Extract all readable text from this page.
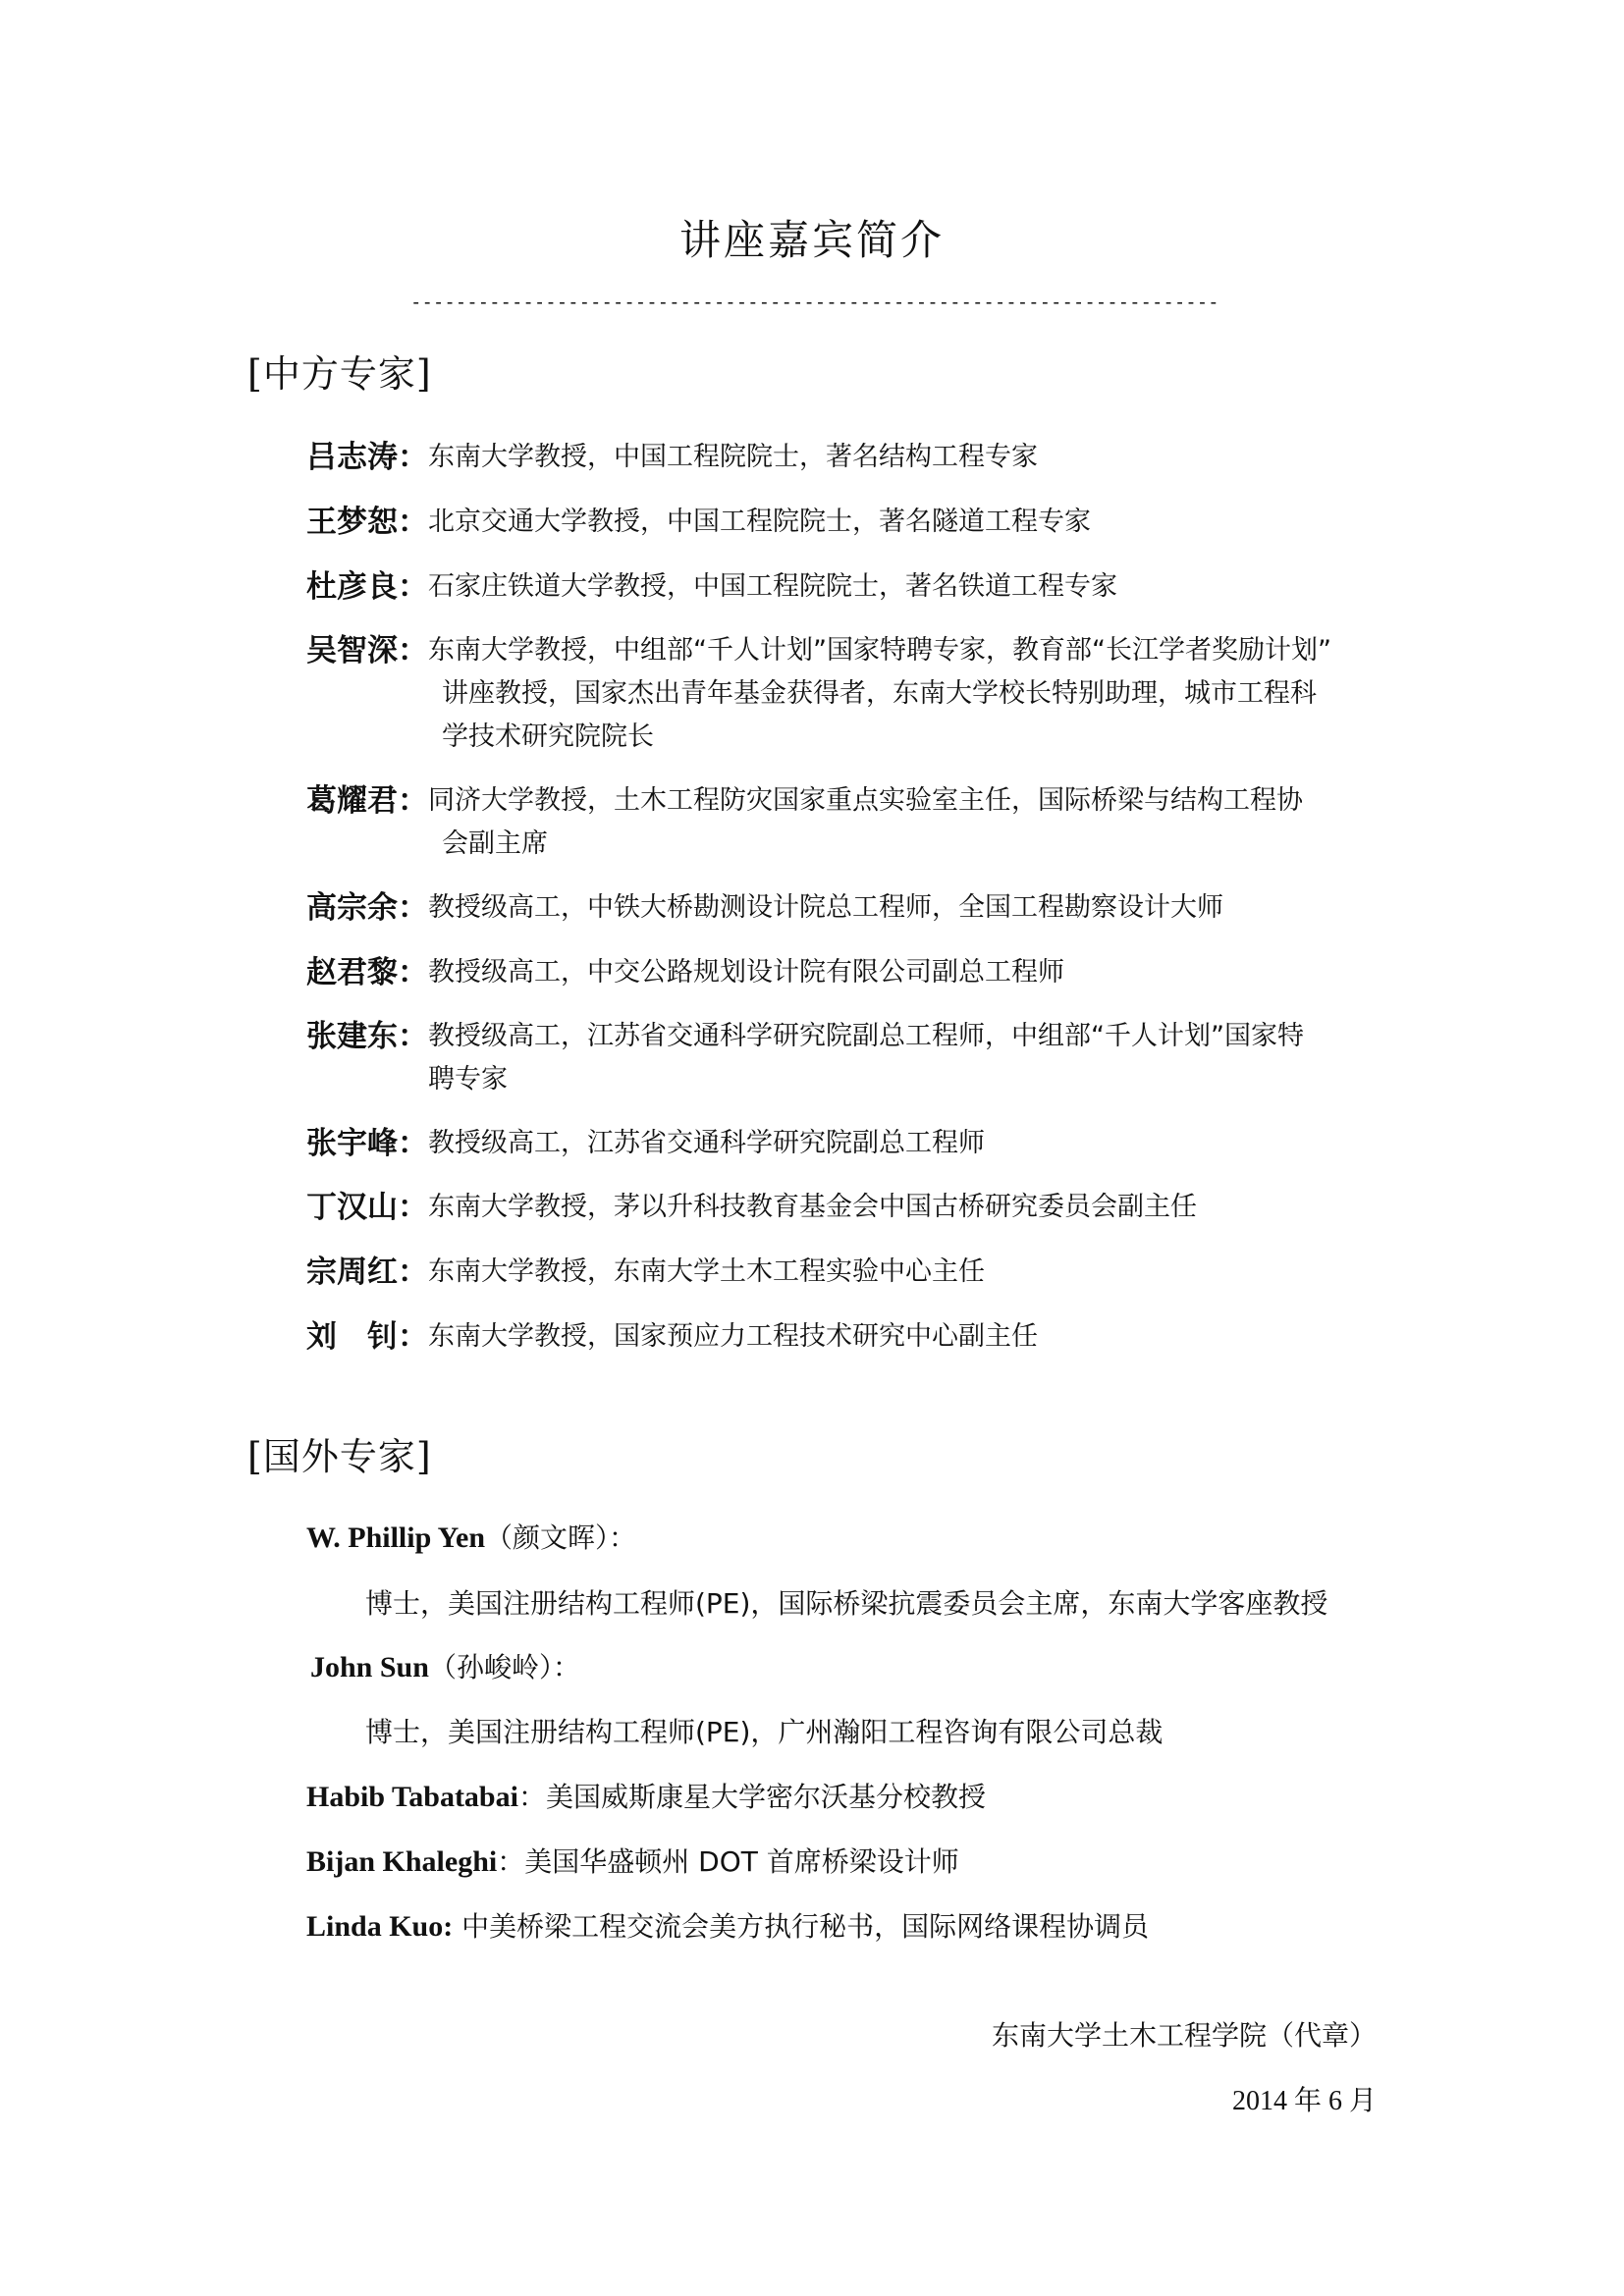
讲座嘉宾简介
------------------------------------------------------------------------
[中方专家]
吕志涛： 东南大学教授，中国工程院院士，著名结构工程专家
王梦恕： 北京交通大学教授，中国工程院院士，著名隧道工程专家
杜彦良： 石家庄铁道大学教授，中国工程院院士，著名铁道工程专家
吴智深： 东南大学教授，中组部“千人计划”国家特聘专家，教育部“长江学者奖励计划”
讲座教授，国家杰出青年基金获得者，东南大学校长特别助理，城市工程科
学技术研究院院长
葛耀君： 同济大学教授，土木工程防灾国家重点实验室主任，国际桥梁与结构工程协
会副主席
高宗余： 教授级高工，中铁大桥勘测设计院总工程师，全国工程勘察设计大师
赵君黎： 教授级高工，中交公路规划设计院有限公司副总工程师
张建东： 教授级高工，江苏省交通科学研究院副总工程师，中组部“千人计划”国家特
聘专家
张宇峰： 教授级高工，江苏省交通科学研究院副总工程师
丁汉山： 东南大学教授，茅以升科技教育基金会中国古桥研究委员会副主任
宗周红： 东南大学教授，东南大学土木工程实验中心主任
刘　钊： 东南大学教授，国家预应力工程技术研究中心副主任
[国外专家]
W. Phillip Yen（颜文晖）：
博士，美国注册结构工程师(PE)，国际桥梁抗震委员会主席，东南大学客座教授
John Sun（孙峻岭）：
博士，美国注册结构工程师(PE)，广州瀚阳工程咨询有限公司总裁
Habib Tabatabai：美国威斯康星大学密尔沃基分校教授
Bijan Khaleghi：美国华盛顿州 DOT 首席桥梁设计师
Linda Kuo: 中美桥梁工程交流会美方执行秘书，国际网络课程协调员
东南大学土木工程学院（代章）
2014 年 6 月
